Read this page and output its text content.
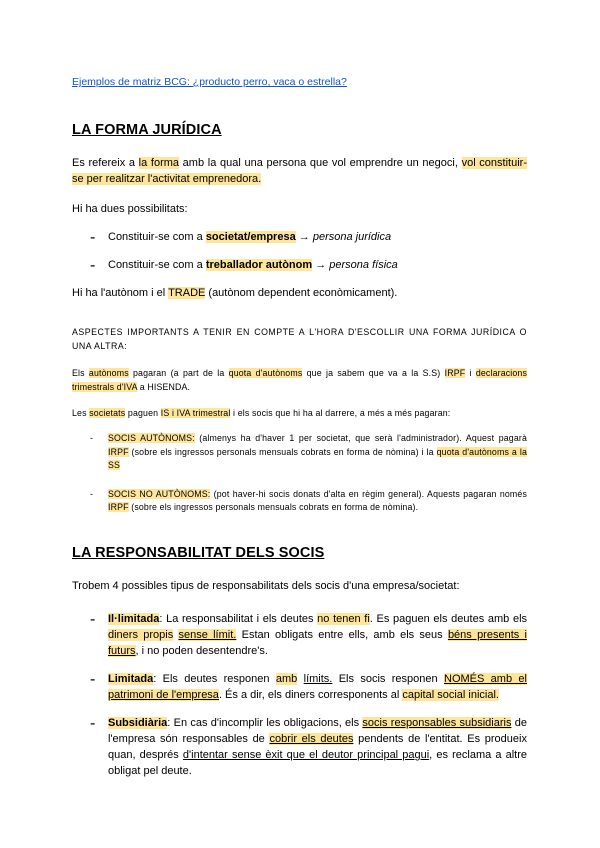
Ejemplos de matriz BCG: ¿producto perro, vaca o estrella?
LA FORMA JURÍDICA

Es refereix a la forma amb la qual una persona que vol emprendre un negoci, vol constituir-se per realitzar l'activitat emprenedora.

Hi ha dues possibilitats:

- Constituir-se com a societat/empresa → persona jurídica

- Constituir-se com a treballador autònom → persona física

Hi ha l'autònom i el TRADE (autònom dependent econòmicament).

ASPECTES IMPORTANTS A TENIR EN COMPTE A L'HORA D'ESCOLLIR UNA FORMA JURÍDICA O UNA ALTRA:

Els autònoms pagaran (a part de la quota d'autònoms que ja sabem que va a la S.S) IRPF i declaracions trimestrals d'IVA a HISENDA.

Les societats paguen IS i IVA trimestral i els socis que hi ha al darrere, a més a més pagaran:

- SOCIS AUTÒNOMS: (almenys ha d'haver 1 per societat, que serà l'administrador). Aquest pagarà IRPF (sobre els ingressos personals mensuals cobrats en forma de nòmina) i la quota d'autònoms a la SS

- SOCIS NO AUTÒNOMS: (pot haver-hi socis donats d'alta en règim general). Aquests pagaran només IRPF (sobre els ingressos personals mensuals cobrats en forma de nòmina).

LA RESPONSABILITAT DELS SOCIS

Trobem 4 possibles tipus de responsabilitats dels socis d'una empresa/societat:

- Il·limitada: La responsabilitat i els deutes no tenen fi. Es paguen els deutes amb els diners propis sense límit. Estan obligats entre ells, amb els seus béns presents i futurs, i no poden desentendre's.

- Limitada: Els deutes responen amb límits. Els socis responen NOMÉS amb el patrimoni de l'empresa. És a dir, els diners corresponents al capital social inicial.

- Subsidiària: En cas d'incomplir les obligacions, els socis responsables subsidiaris de l'empresa són responsables de cobrir els deutes pendents de l'entitat. Es produeix quan, després d'intentar sense èxit que el deutor principal pagui, es reclama a altre obligat pel deute.
